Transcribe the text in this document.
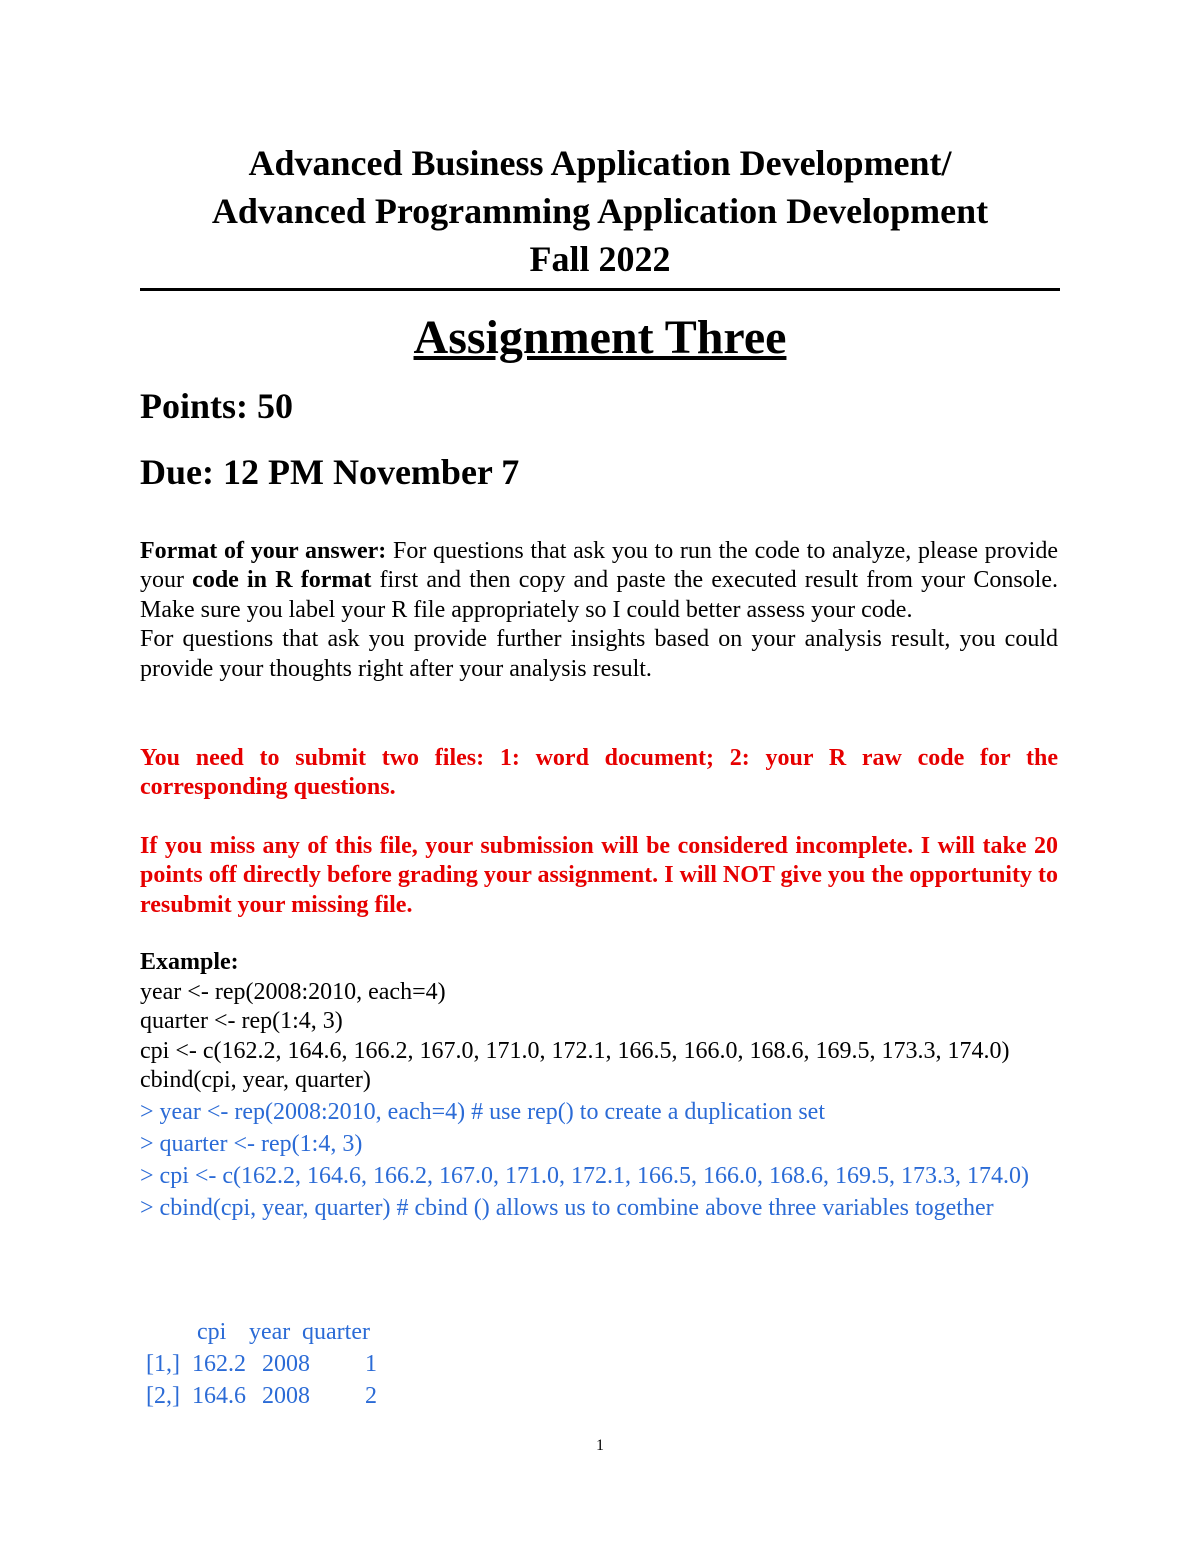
Advanced Business Application Development/
Advanced Programming Application Development
Fall 2022
Assignment Three
Points: 50
Due: 12 PM November 7

Format of your answer: For questions that ask you to run the code to analyze, please provide your code in R format first and then copy and paste the executed result from your Console. Make sure you label your R file appropriately so I could better assess your code.

For questions that ask you provide further insights based on your analysis result, you could provide your thoughts right after your analysis result.

You need to submit two files: 1: word document; 2: your R raw code for the corresponding questions.
If you miss any of this file, your submission will be considered incomplete. I will take 20 points off directly before grading your assignment. I will NOT give you the opportunity to resubmit your missing file.
Example:
year <- rep(2008:2010, each=4)
quarter <- rep(1:4, 3)
cpi <- c(162.2, 164.6, 166.2, 167.0, 171.0, 172.1, 166.5, 166.0, 168.6, 169.5, 173.3, 174.0)
cbind(cpi, year, quarter)
> year <- rep(2008:2010, each=4) # use rep() to create a duplication set
> quarter <- rep(1:4, 3)
> cpi <- c(162.2, 164.6, 166.2, 167.0, 171.0, 172.1, 166.5, 166.0, 168.6, 169.5, 173.3, 174.0)
> cbind(cpi, year, quarter) # cbind () allows us to combine above three variables together
cpi year quarter
[1,] 162.2 2008 1
[2,] 164.6 2008 2
1
